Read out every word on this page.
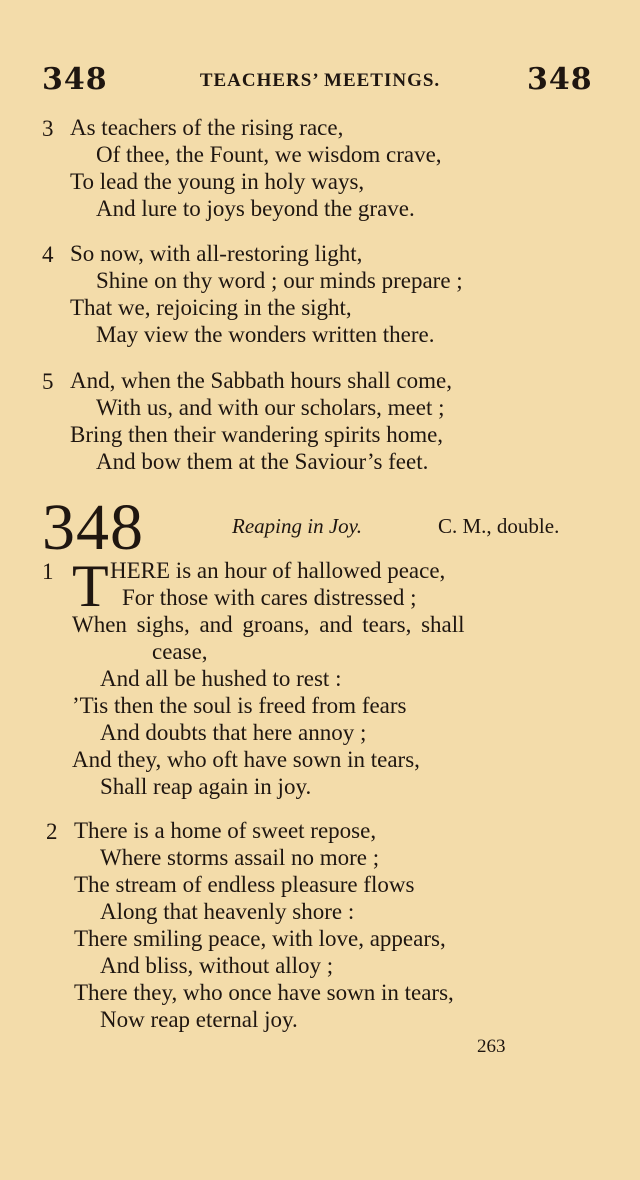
348	TEACHERS’ MEETINGS.	348
3 As teachers of the rising race,
Of thee, the Fount, we wisdom crave,
To lead the young in holy ways,
And lure to joys beyond the grave.
4 So now, with all-restoring light,
Shine on thy word ; our minds prepare ;
That we, rejoicing in the sight,
May view the wonders written there.
5 And, when the Sabbath hours shall come,
With us, and with our scholars, meet ;
Bring then their wandering spirits home,
And bow them at the Saviour’s feet.
348	Reaping in Joy.	C. M., double.
1 T HERE is an hour of hallowed peace,
For those with cares distressed ;
When sighs, and groans, and tears, shall
cease,
And all be hushed to rest :
’Tis then the soul is freed from fears
And doubts that here annoy ;
And they, who oft have sown in tears,
Shall reap again in joy.
2 There is a home of sweet repose,
Where storms assail no more ;
The stream of endless pleasure flows
Along that heavenly shore :
There smiling peace, with love, appears,
And bliss, without alloy ;
There they, who once have sown in tears,
Now reap eternal joy.
263
